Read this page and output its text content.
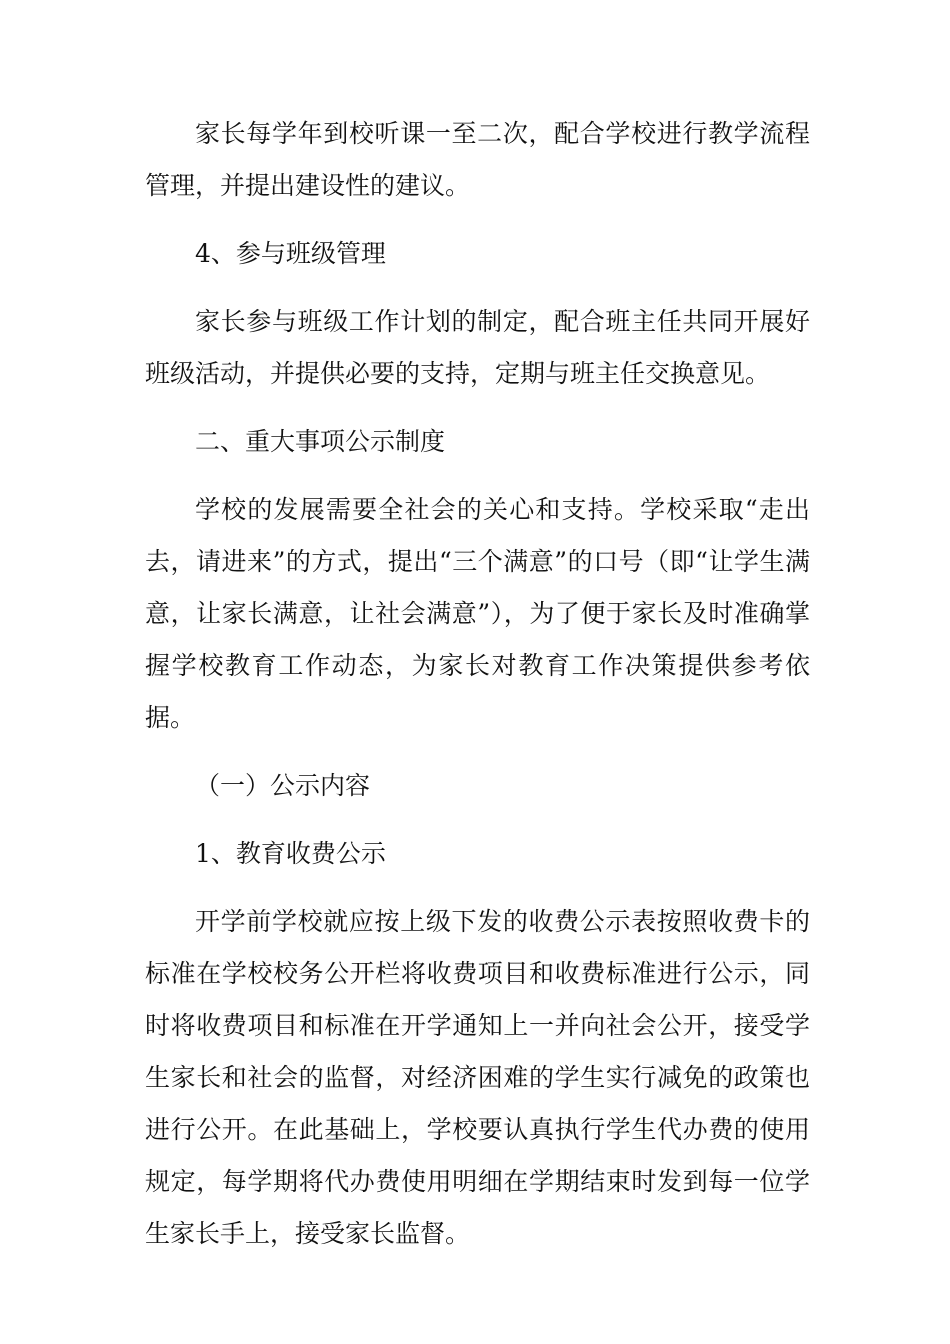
家长每学年到校听课一至二次，配合学校进行教学流程管理，并提出建设性的建议。

4、参与班级管理

家长参与班级工作计划的制定，配合班主任共同开展好班级活动，并提供必要的支持，定期与班主任交换意见。

二、重大事项公示制度

学校的发展需要全社会的关心和支持。学校采取“走出去，请进来”的方式，提出“三个满意”的口号（即“让学生满意，让家长满意，让社会满意”），为了便于家长及时准确掌握学校教育工作动态，为家长对教育工作决策提供参考依据。

（一）公示内容

1、教育收费公示

开学前学校就应按上级下发的收费公示表按照收费卡的标准在学校校务公开栏将收费项目和收费标准进行公示，同时将收费项目和标准在开学通知上一并向社会公开，接受学生家长和社会的监督，对经济困难的学生实行减免的政策也进行公开。在此基础上，学校要认真执行学生代办费的使用规定，每学期将代办费使用明细在学期结束时发到每一位学生家长手上，接受家长监督。
